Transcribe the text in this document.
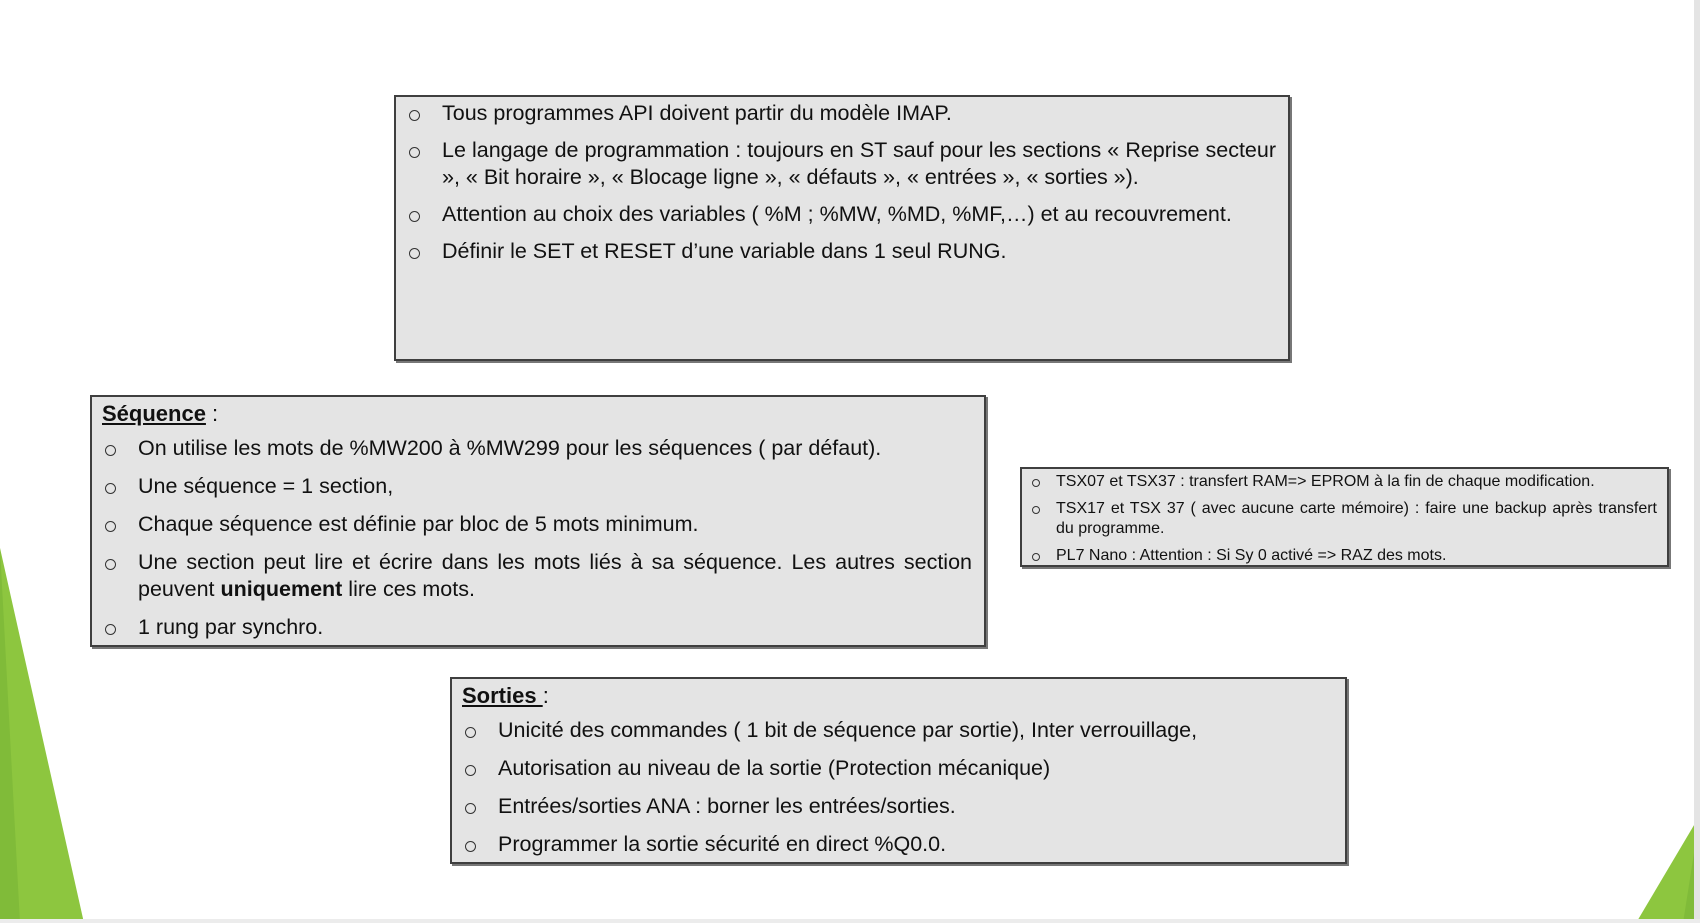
Tous programmes API doivent partir du modèle IMAP.
Le langage de programmation : toujours en ST sauf pour les sections « Reprise secteur », « Bit horaire », « Blocage ligne », « défauts », « entrées », « sorties »).
Attention au choix des variables ( %M ; %MW, %MD, %MF,…) et au recouvrement.
Définir le SET et RESET d’une variable dans 1 seul RUNG.
Séquence :
On utilise les mots de %MW200 à %MW299 pour les séquences ( par défaut).
Une séquence = 1 section,
Chaque séquence est définie par bloc de 5 mots minimum.
Une section peut lire et écrire dans les mots liés à sa séquence. Les autres section peuvent uniquement lire ces mots.
1 rung par synchro.
TSX07 et TSX37 : transfert RAM=> EPROM à la fin de chaque modification.
TSX17 et TSX 37 ( avec aucune carte mémoire) : faire une backup après transfert du programme.
PL7 Nano : Attention : Si Sy 0 activé => RAZ des mots.
Sorties :
Unicité des commandes ( 1 bit de séquence par sortie), Inter verrouillage,
Autorisation au niveau de la sortie (Protection mécanique)
Entrées/sorties ANA : borner les entrées/sorties.
Programmer la sortie sécurité en direct %Q0.0.
